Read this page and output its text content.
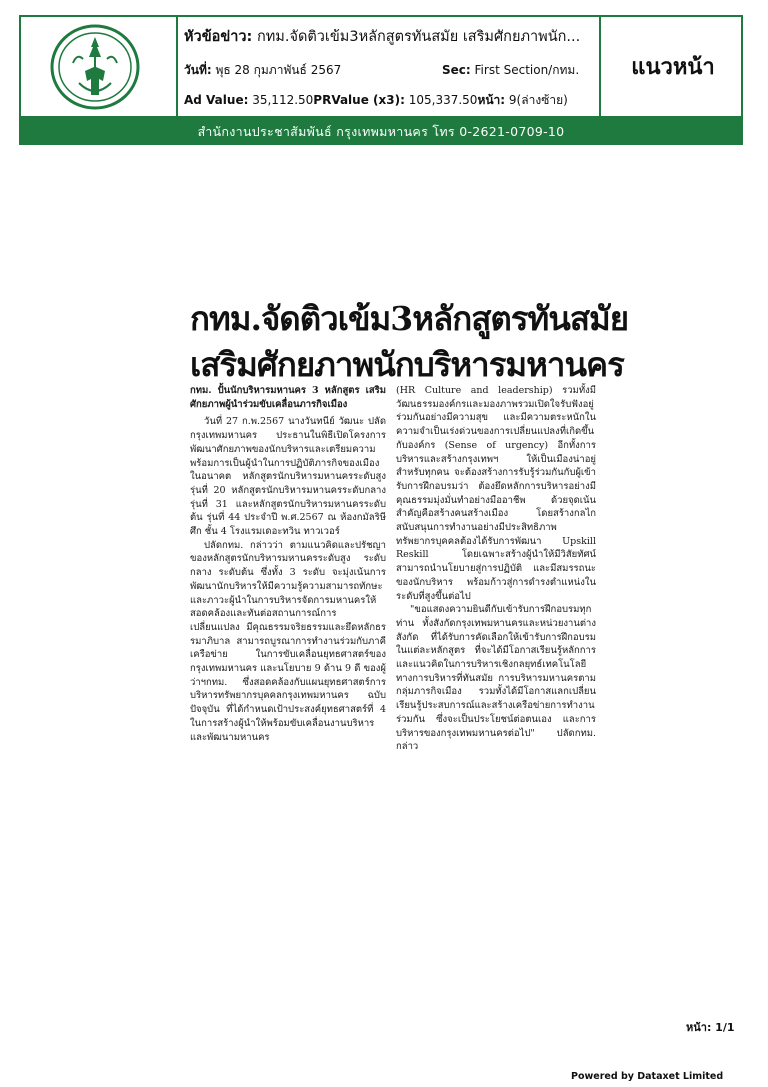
หัวข้อข่าว: กทม.จัดติวเข้ม3หลักสูตรทันสมัย เสริมศักยภาพนัก...
วันที่: พุธ 28 กุมภาพันธ์ 2567	Sec: First Section/กทม.
Ad Value: 35,112.50PRValue (x3): 105,337.50หน้า: 9(ล่างซ้าย)
แนวหน้า
สำนักงานประชาสัมพันธ์ กรุงเทพมหานคร โทร 0-2621-0709-10
กทม.จัดติวเข้ม3หลักสูตรทันสมัย
เสริมศักยภาพนักบริหารมหานคร
กทม. ปั้นนักบริหารมหานคร 3 หลักสูตร เสริมศักยภาพผู้นำร่วมขับเคลื่อนภารกิจเมือง

วันที่ 27 ก.พ.2567 นางวันทนีย์ วัฒนะ ปลัดกรุงเทพมหานคร ประธานในพิธีเปิดโครงการพัฒนาศักยภาพของนักบริหารและเตรียมความพร้อมการเป็นผู้นำในการปฏิบัติภารกิจของเมืองในอนาคต หลักสูตรนักบริหารมหานครระดับสูง รุ่นที่ 20 หลักสูตรนักบริหารมหานครระดับกลาง รุ่นที่ 31 และหลักสูตรนักบริหารมหานครระดับต้น รุ่นที่ 44 ประจำปี พ.ศ.2567 ณ ห้องกมัลริษีศึก ชั้น 4 โรงแรมเดอะทวิน ทาวเวอร์

ปลัดกทม. กล่าวว่า ตามแนวคิดและปรัชญาของหลักสูตรนักบริหารมหานครระดับสูง ระดับกลาง ระดับต้น ซึ่งทั้ง 3 ระดับ จะมุ่งเน้นการพัฒนานักบริหารให้มีความรู้ความสามารถทักษะและภาวะผู้นำในการบริหารจัดการมหานครให้สอดคล้องและทันต่อสถานการณ์การเปลี่ยนแปลง มีคุณธรรมจริยธรรมและยึดหลักธรรมาภิบาล สามารถบูรณาการทำงานร่วมกับภาคีเครือข่าย ในการขับเคลื่อนยุทธศาสตร์ของกรุงเทพมหานคร และนโยบาย 9 ด้าน 9 ดี ของผู้ว่าฯกทม. ซึ่งสอดคล้องกับแผนยุทธศาสตร์การบริหารทรัพยากรบุคคลกรุงเทพมหานคร ฉบับปัจจุบัน ที่ได้กำหนดเป้าประสงค์ยุทธศาสตร์ที่ 4 ในการสร้างผู้นำให้พร้อมขับเคลื่อนงานบริหารและพัฒนามหานคร

(HR Culture and leadership) รวมทั้งมีวัฒนธรรมองค์กรและมองภาพรวมเปิดใจรับฟังอยู่ร่วมกันอย่างมีความสุข และมีความตระหนักในความจำเป็นเร่งด่วนของการเปลี่ยนแปลงที่เกิดขึ้นกับองค์กร (Sense of urgency) อีกทั้งการบริหารและสร้างกรุงเทพฯ ให้เป็นเมืองน่าอยู่สำหรับทุกคน จะต้องสร้างการรับรู้ร่วมกันกับผู้เข้ารับการฝึกอบรมว่า ต้องยึดหลักการบริหารอย่างมีคุณธรรมมุ่งมั่นทำอย่างมืออาชีพ ด้วยจุดเน้นสำคัญคือสร้างคนสร้างเมือง โดยสร้างกลไกสนับสนุนการทำงานอย่างมีประสิทธิภาพทรัพยากรบุคคลต้องได้รับการพัฒนา Upskill Reskill โดยเฉพาะสร้างผู้นำให้มีวิสัยทัศน์สามารถนำนโยบายสู่การปฏิบัติ และมีสมรรถนะของนักบริหาร พร้อมก้าวสู่การดำรงตำแหน่งในระดับที่สูงขึ้นต่อไป

"ขอแสดงความยินดีกับเข้ารับการฝึกอบรมทุกท่าน ทั้งสังกัดกรุงเทพมหานครและหน่วยงานต่างสังกัด ที่ได้รับการคัดเลือกให้เข้ารับการฝึกอบรมในแต่ละหลักสูตร ที่จะได้มีโอกาสเรียนรู้หลักการและแนวคิดในการบริหารเชิงกลยุทธ์เทคโนโลยีทางการบริหารที่ทันสมัย การบริหารมหานครตามกลุ่มภารกิจเมือง รวมทั้งได้มีโอกาสแลกเปลี่ยนเรียนรู้ประสบการณ์และสร้างเครือข่ายการทำงานร่วมกัน ซึ่งจะเป็นประโยชน์ต่อตนเอง และการบริหารของกรุงเทพมหานครต่อไป" ปลัดกทม. กล่าว

หน้า: 1/1
Powered by Dataxet Limited
